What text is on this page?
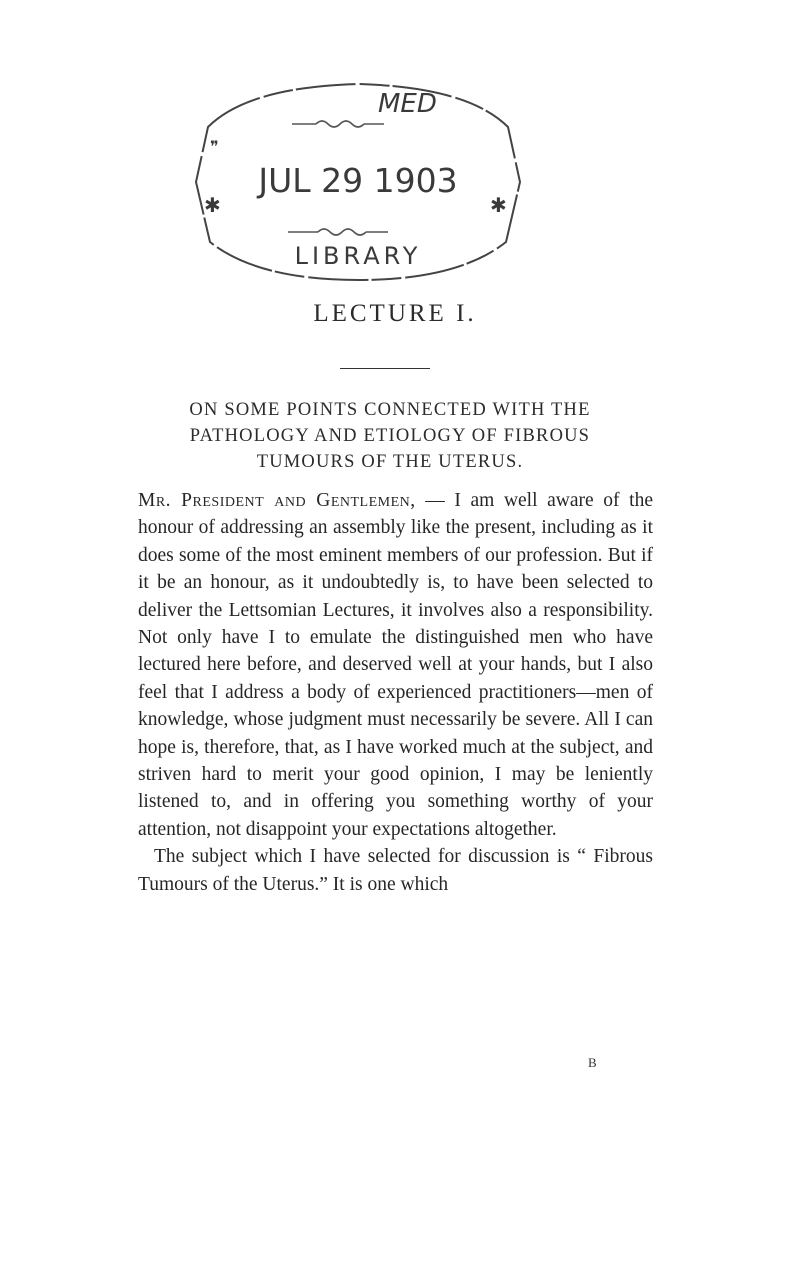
✱	✱
❞
MED
JUL 29 1903
LIBRARY
LECTURE I.
ON SOME POINTS CONNECTED WITH THE
PATHOLOGY AND ETIOLOGY OF FIBROUS
TUMOURS OF THE UTERUS.

Mr. President and Gentlemen, — I am well aware of the honour of addressing an assembly like the present, including as it does some of the most eminent members of our profession. But if it be an honour, as it undoubtedly is, to have been selected to deliver the Lettsomian Lectures, it involves also a responsibility. Not only have I to emulate the distinguished men who have lectured here before, and deserved well at your hands, but I also feel that I address a body of experienced practitioners—men of knowledge, whose judgment must necessarily be severe. All I can hope is, therefore, that, as I have worked much at the subject, and striven hard to merit your good opinion, I may be leniently listened to, and in offering you something worthy of your attention, not disappoint your expectations altogether.

The subject which I have selected for discussion is “ Fibrous Tumours of the Uterus.” It is one which

B
